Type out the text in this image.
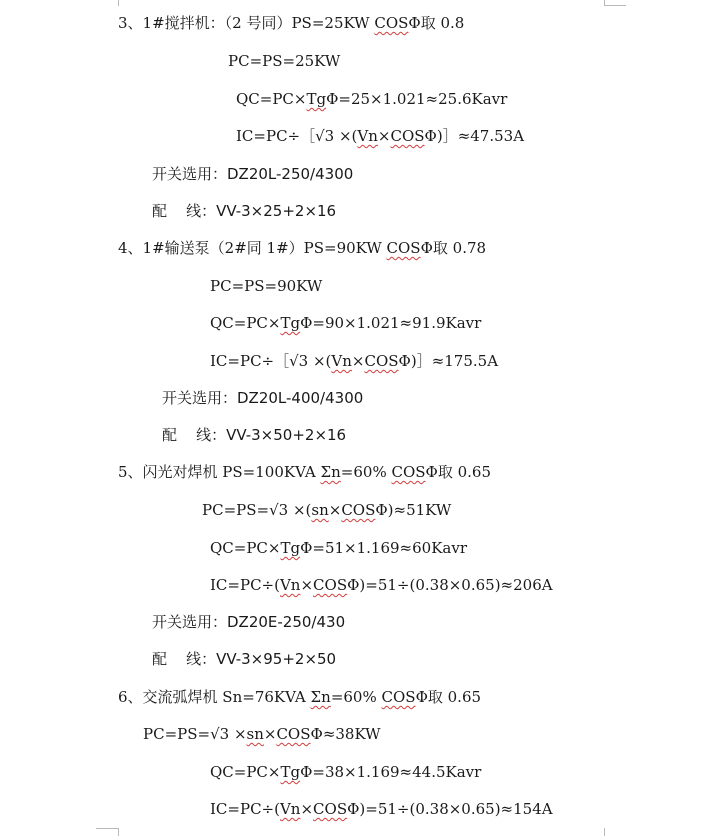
3、1#搅拌机：（2 号同）PS=25KW COSΦ取 0.8
PC=PS=25KW
QC=PC×TgΦ=25×1.021≈25.6Kavr
IC=PC÷［√3 ×(Vn×COSΦ)］≈47.53A
开关选用：DZ20L-250/4300
配    线：VV-3×25+2×16
4、1#输送泵（2#同 1#）PS=90KW COSΦ取 0.78
PC=PS=90KW
QC=PC×TgΦ=90×1.021≈91.9Kavr
IC=PC÷［√3 ×(Vn×COSΦ)］≈175.5A
开关选用：DZ20L-400/4300
配    线：VV-3×50+2×16
5、闪光对焊机 PS=100KVA Σn=60% COSΦ取 0.65
PC=PS=√3 ×(sn×COSΦ)≈51KW
QC=PC×TgΦ=51×1.169≈60Kavr
IC=PC÷(Vn×COSΦ)=51÷(0.38×0.65)≈206A
开关选用：DZ20E-250/430
配    线：VV-3×95+2×50
6、交流弧焊机 Sn=76KVA Σn=60% COSΦ取 0.65
PC=PS=√3 ×sn×COSΦ≈38KW
QC=PC×TgΦ=38×1.169≈44.5Kavr
IC=PC÷(Vn×COSΦ)=51÷(0.38×0.65)≈154A
